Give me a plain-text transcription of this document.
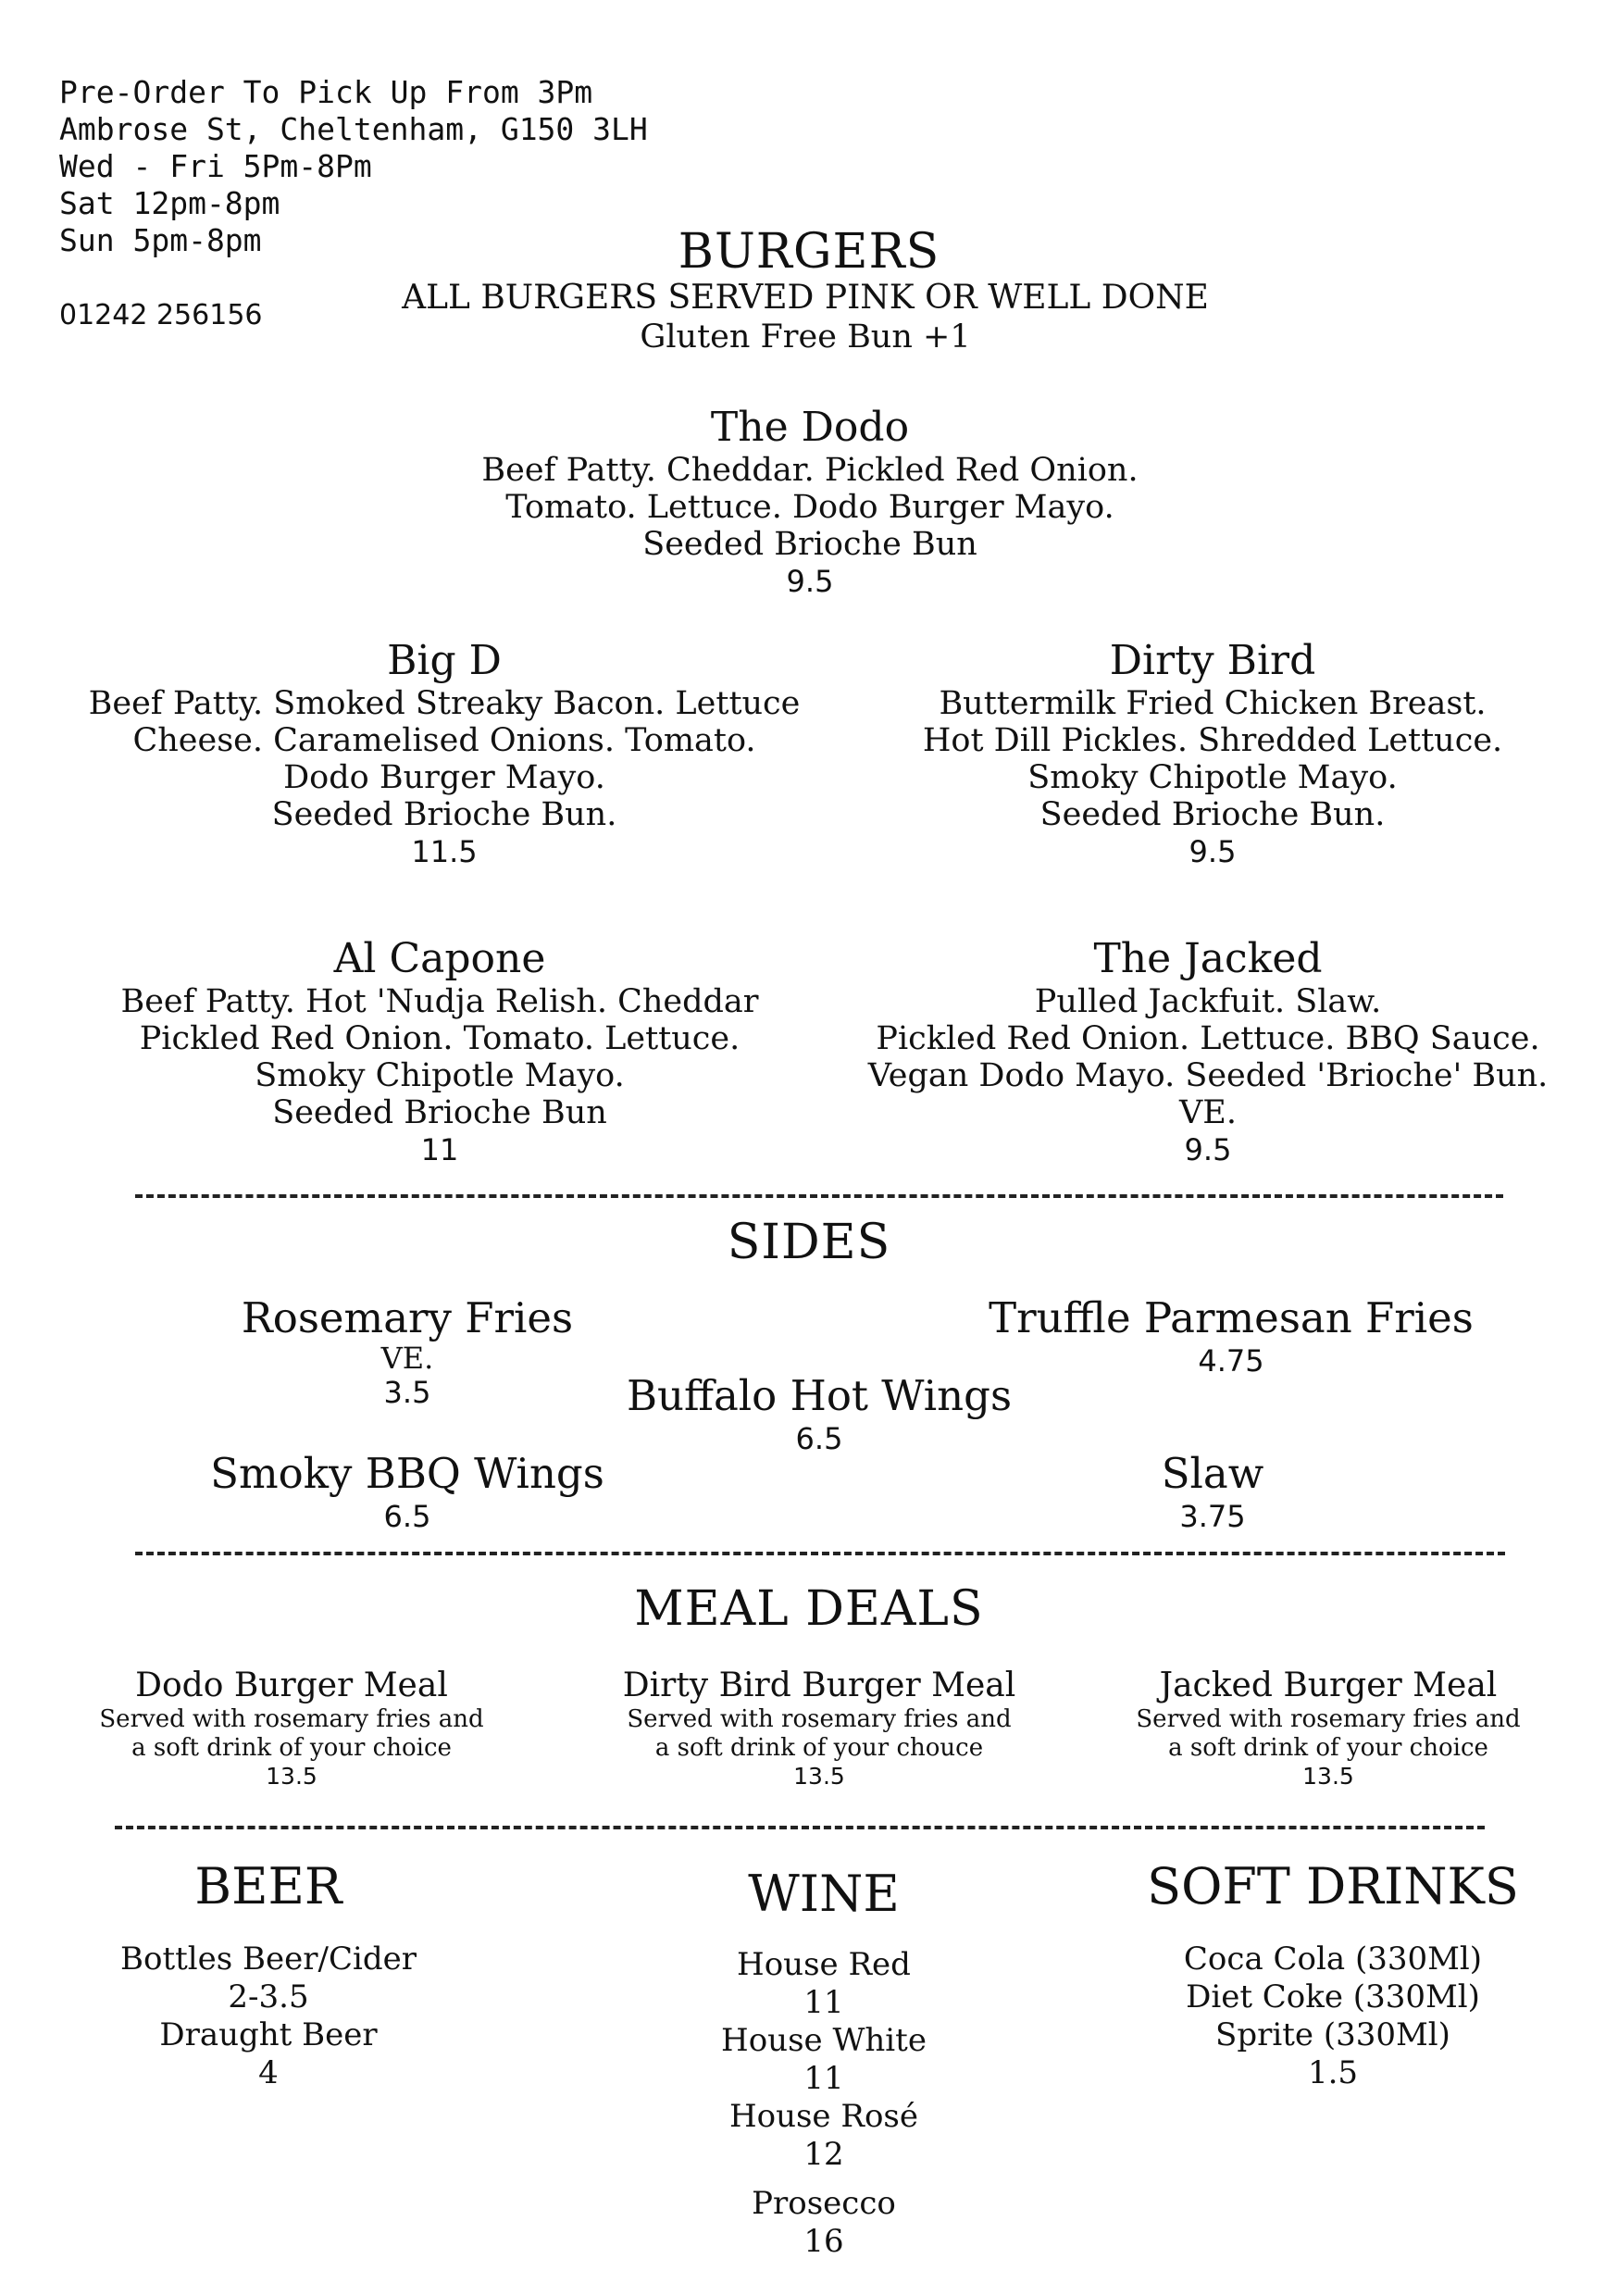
Pre-Order To Pick Up From 3Pm
Ambrose St, Cheltenham, G150 3LH
Wed - Fri 5Pm-8Pm
Sat 12pm-8pm
Sun 5pm-8pm
01242 256156
BURGERS
ALL BURGERS SERVED PINK OR WELL DONE
Gluten Free Bun +1
The Dodo
Beef Patty. Cheddar. Pickled Red Onion.
Tomato. Lettuce. Dodo Burger Mayo.
Seeded Brioche Bun
9.5
Big D
Beef Patty. Smoked Streaky Bacon. Lettuce
Cheese. Caramelised Onions. Tomato.
Dodo Burger Mayo.
Seeded Brioche Bun.
11.5
Dirty Bird
Buttermilk Fried Chicken Breast.
Hot Dill Pickles. Shredded Lettuce.
Smoky Chipotle Mayo.
Seeded Brioche Bun.
9.5
Al Capone
Beef Patty. Hot 'Nudja Relish. Cheddar
Pickled Red Onion. Tomato. Lettuce.
Smoky Chipotle Mayo.
Seeded Brioche Bun
11
The Jacked
Pulled Jackfuit. Slaw.
Pickled Red Onion. Lettuce. BBQ Sauce.
Vegan Dodo Mayo. Seeded 'Brioche' Bun.
VE.
9.5
SIDES
Rosemary Fries
VE.
3.5
Truffle Parmesan Fries
4.75
Buffalo Hot Wings
6.5
Smoky BBQ Wings
6.5
Slaw
3.75
MEAL DEALS
Dodo Burger Meal
Served with rosemary fries and
a soft drink of your choice
13.5
Dirty Bird Burger Meal
Served with rosemary fries and
a soft drink of your chouce
13.5
Jacked Burger Meal
Served with rosemary fries and
a soft drink of your choice
13.5
BEER
Bottles Beer/Cider
2-3.5
Draught Beer
4
WINE
House Red
11
House White
11
House Rosé
12
Prosecco
16
SOFT DRINKS
Coca Cola (330Ml)
Diet Coke (330Ml)
Sprite (330Ml)
1.5
